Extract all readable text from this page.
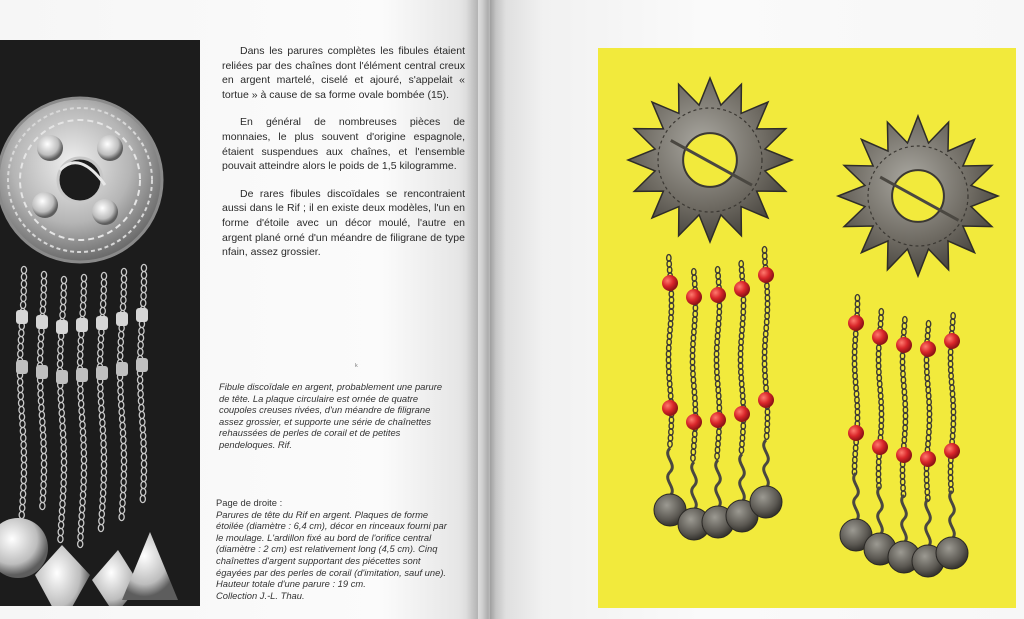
Dans les parures complètes les fibules étaient reliées par des chaînes dont l'élément central creux en argent martelé, ciselé et ajouré, s'appelait « tortue » à cause de sa forme ovale bombée (15).

En général de nombreuses pièces de monnaies, le plus souvent d'origine espagnole, étaient suspendues aux chaînes, et l'ensemble pouvait atteindre alors le poids de 1,5 kilogramme.

De rares fibules discoïdales se rencontraient aussi dans le Rif ; il en existe deux modèles, l'un en forme d'étoile avec un décor moulé, l'autre en argent plané orné d'un méandre de filigrane de type nfain, assez grossier.

ᵏ
Fibule discoïdale en argent, probablement une parure de tête. La plaque circulaire est ornée de quatre coupoles creuses rivées, d'un méandre de filigrane assez grossier, et supporte une série de chaînettes rehaussées de perles de corail et de petites pendeloques. Rif.
Page de droite :
Parures de tête du Rif en argent. Plaques de forme étoilée (diamètre : 6,4 cm), décor en rinceaux fourni par le moulage. L'ardillon fixé au bord de l'orifice central (diamètre : 2 cm) est relativement long (4,5 cm). Cinq chaînettes d'argent supportant des piécettes sont égayées par des perles de corail (d'imitation, sauf une). Hauteur totale d'une parure : 19 cm.
Collection J.-L. Thau.
